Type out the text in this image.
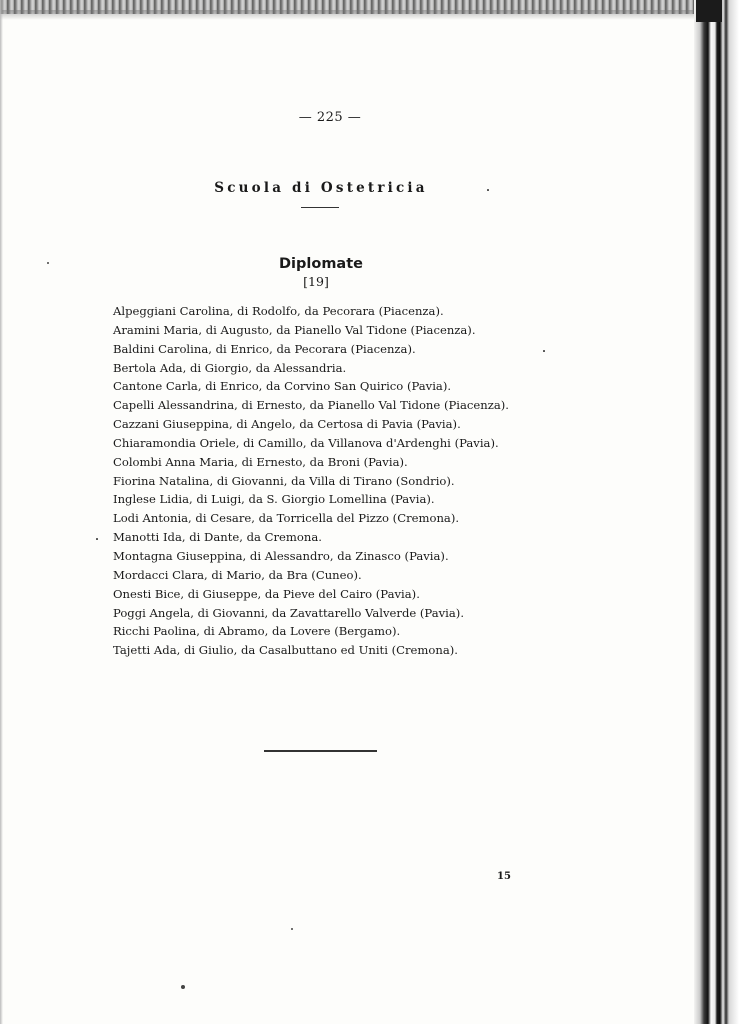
— 225 —
Scuola di Ostetricia
Diplomate
[19]
Alpeggiani Carolina, di Rodolfo, da Pecorara (Piacenza).
Aramini Maria, di Augusto, da Pianello Val Tidone (Piacenza).
Baldini Carolina, di Enrico, da Pecorara (Piacenza).
Bertola Ada, di Giorgio, da Alessandria.
Cantone Carla, di Enrico, da Corvino San Quirico (Pavia).
Capelli Alessandrina, di Ernesto, da Pianello Val Tidone (Piacenza).
Cazzani Giuseppina, di Angelo, da Certosa di Pavia (Pavia).
Chiaramondia Oriele, di Camillo, da Villanova d'Ardenghi (Pavia).
Colombi Anna Maria, di Ernesto, da Broni (Pavia).
Fiorina Natalina, di Giovanni, da Villa di Tirano (Sondrio).
Inglese Lidia, di Luigi, da S. Giorgio Lomellina (Pavia).
Lodi Antonia, di Cesare, da Torricella del Pizzo (Cremona).
Manotti Ida, di Dante, da Cremona.
Montagna Giuseppina, di Alessandro, da Zinasco (Pavia).
Mordacci Clara, di Mario, da Bra (Cuneo).
Onesti Bice, di Giuseppe, da Pieve del Cairo (Pavia).
Poggi Angela, di Giovanni, da Zavattarello Valverde (Pavia).
Ricchi Paolina, di Abramo, da Lovere (Bergamo).
Tajetti Ada, di Giulio, da Casalbuttano ed Uniti (Cremona).
15
